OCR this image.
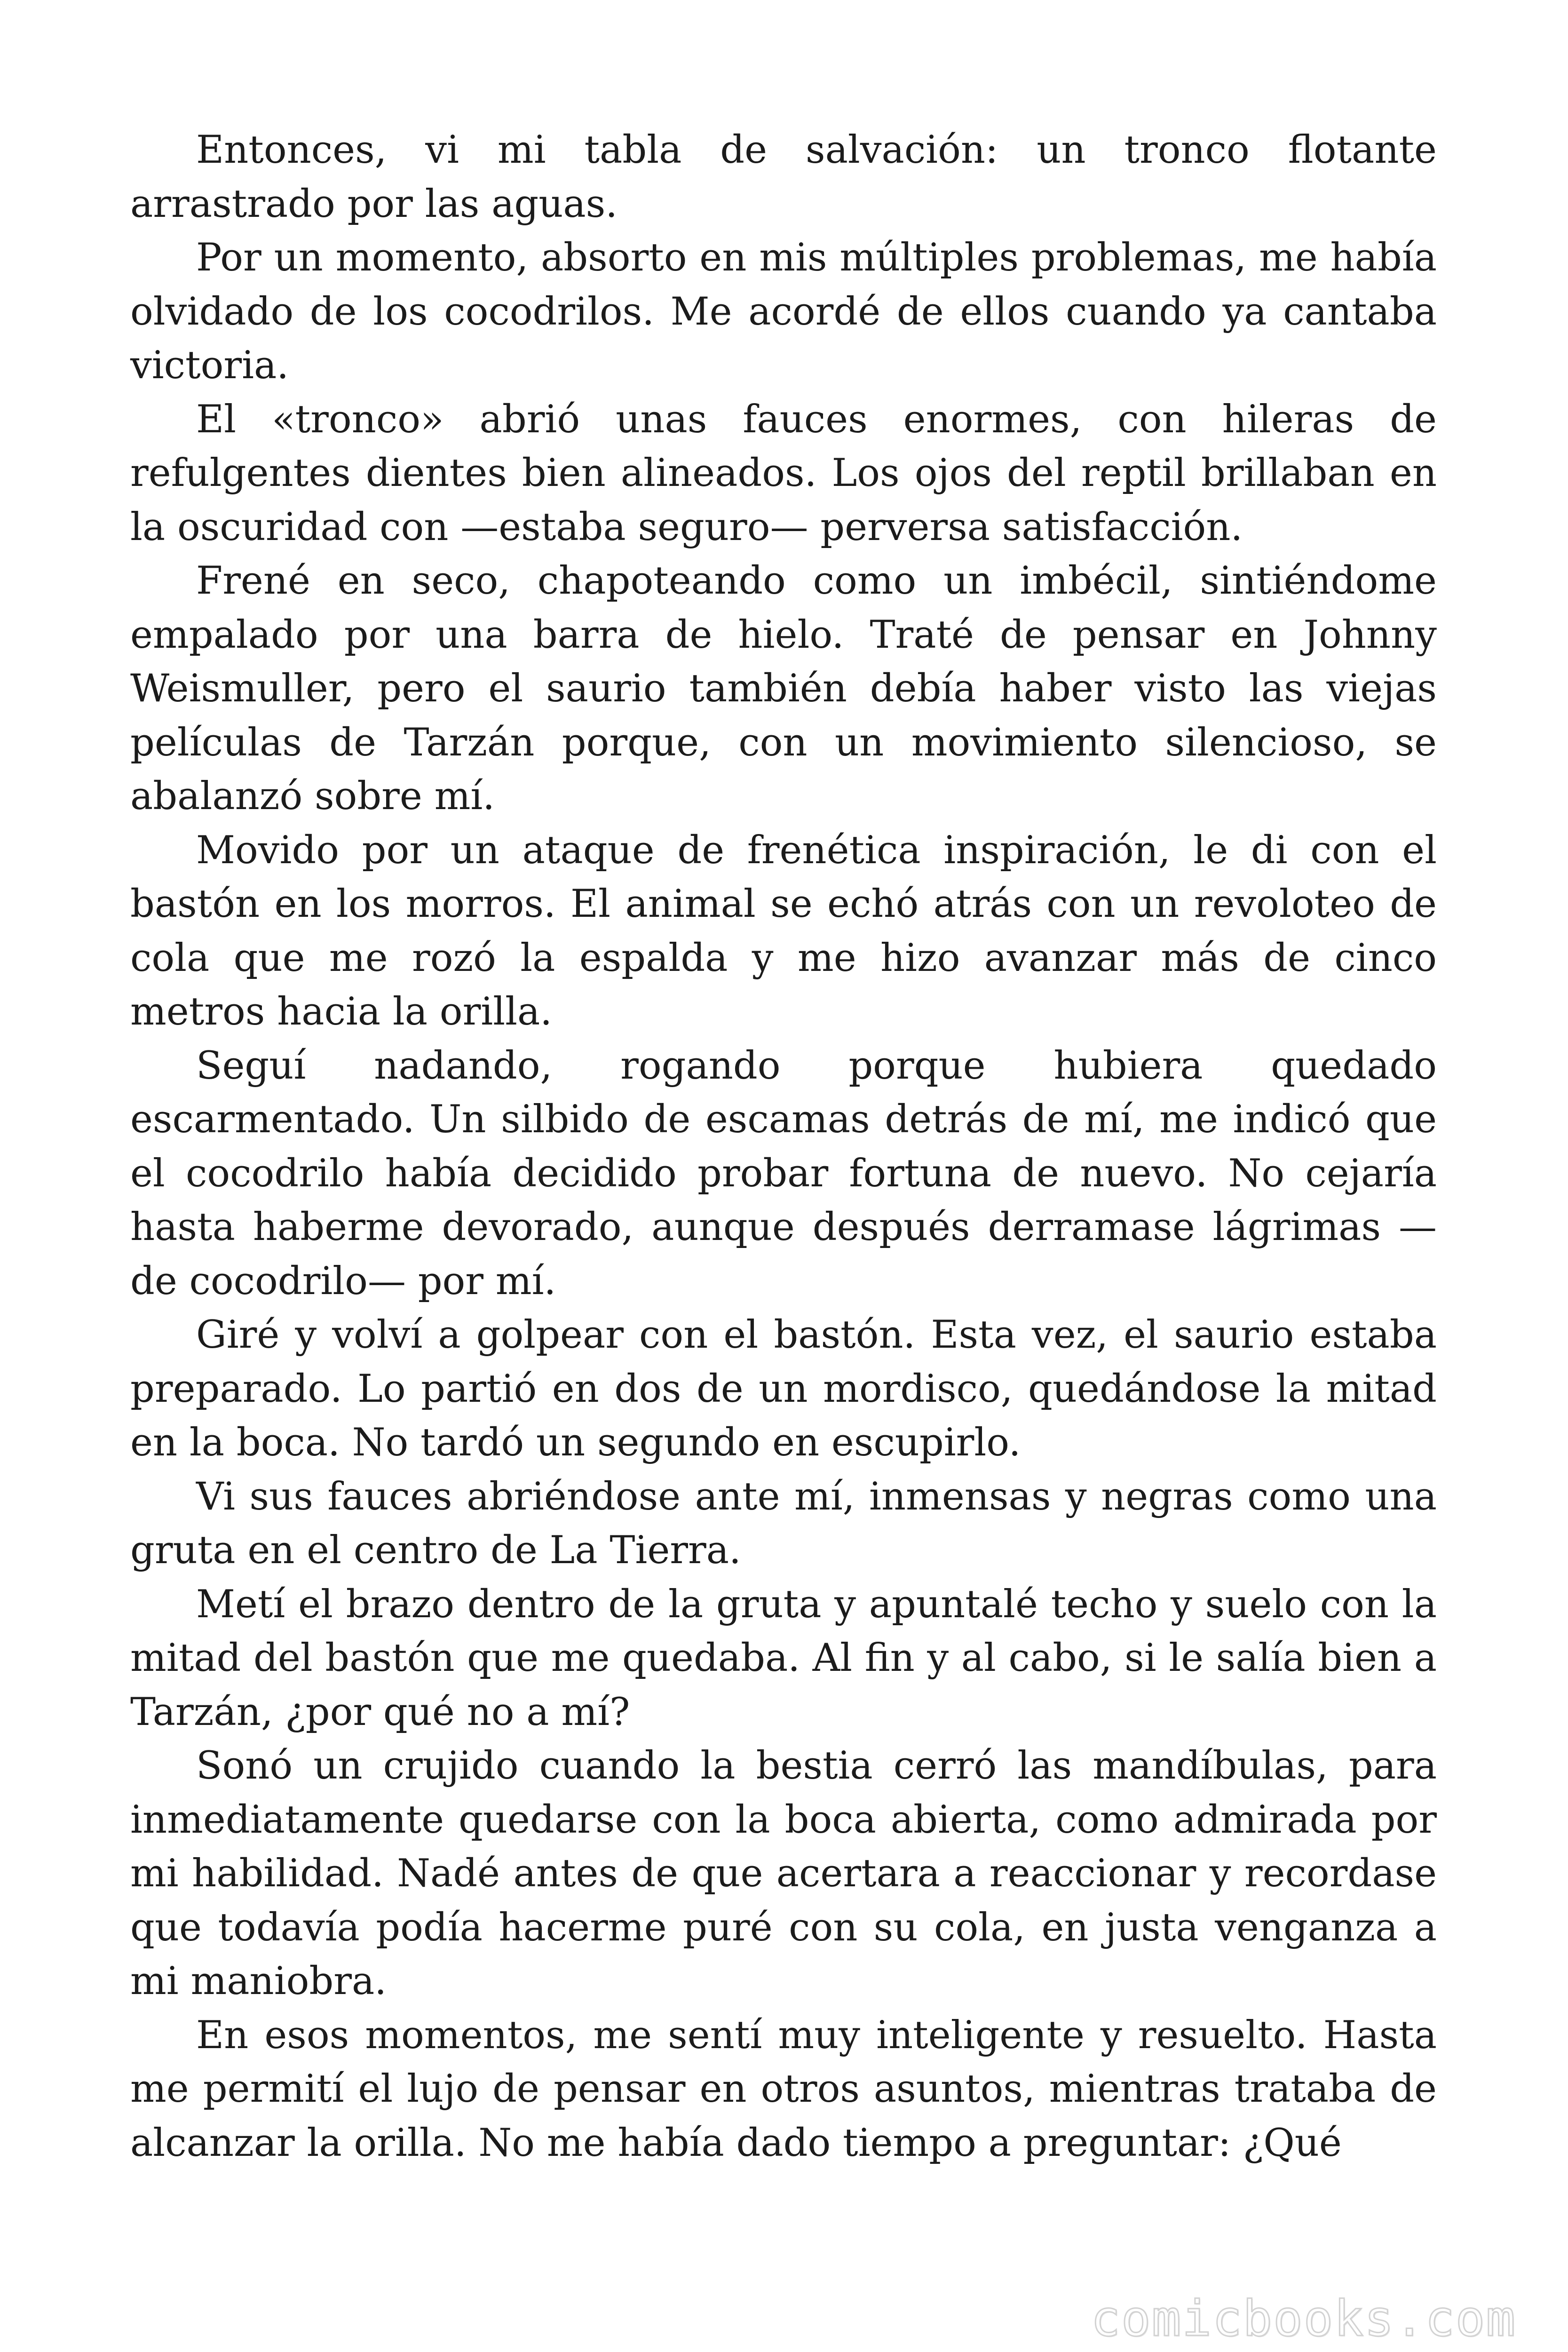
Entonces, vi mi tabla de salvación: un tronco flotante arrastrado por las aguas.

Por un momento, absorto en mis múltiples problemas, me había olvidado de los cocodrilos. Me acordé de ellos cuando ya cantaba victoria.

El «tronco» abrió unas fauces enormes, con hileras de refulgentes dientes bien alineados. Los ojos del reptil brillaban en la oscuridad con —estaba seguro— perversa satisfacción.

Frené en seco, chapoteando como un imbécil, sintiéndome empalado por una barra de hielo. Traté de pensar en Johnny Weismuller, pero el saurio también debía haber visto las viejas películas de Tarzán porque, con un movimiento silencioso, se abalanzó sobre mí.

Movido por un ataque de frenética inspiración, le di con el bastón en los morros. El animal se echó atrás con un revoloteo de cola que me rozó la espalda y me hizo avanzar más de cinco metros hacia la orilla.

Seguí nadando, rogando porque hubiera quedado escarmentado. Un silbido de escamas detrás de mí, me indicó que el cocodrilo había decidido probar fortuna de nuevo. No cejaría hasta haberme devorado, aunque después derramase lágrimas —de cocodrilo— por mí.

Giré y volví a golpear con el bastón. Esta vez, el saurio estaba preparado. Lo partió en dos de un mordisco, quedándose la mitad en la boca. No tardó un segundo en escupirlo.

Vi sus fauces abriéndose ante mí, inmensas y negras como una gruta en el centro de La Tierra.

Metí el brazo dentro de la gruta y apuntalé techo y suelo con la mitad del bastón que me quedaba. Al fin y al cabo, si le salía bien a Tarzán, ¿por qué no a mí?

Sonó un crujido cuando la bestia cerró las mandíbulas, para inmediatamente quedarse con la boca abierta, como admirada por mi habilidad. Nadé antes de que acertara a reaccionar y recordase que todavía podía hacerme puré con su cola, en justa venganza a mi maniobra.

En esos momentos, me sentí muy inteligente y resuelto. Hasta me permití el lujo de pensar en otros asuntos, mientras trataba de alcanzar la orilla. No me había dado tiempo a preguntar: ¿Qué

comicbooks.com
